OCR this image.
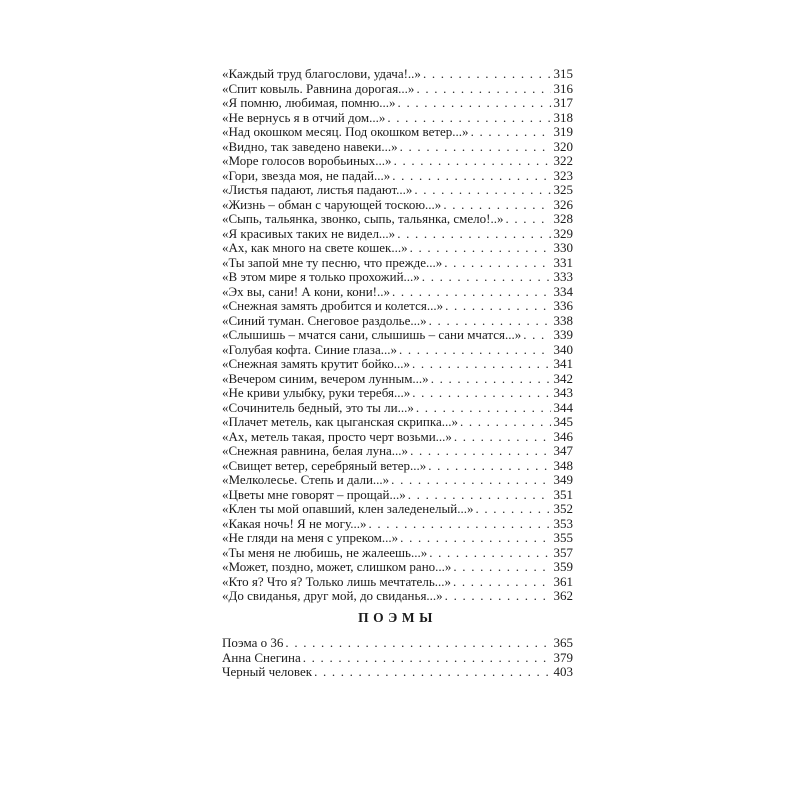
«Каждый труд благослови, удача!..» . . .	315
«Спит ковыль. Равнина дорогая...» . . .	316
«Я помню, любимая, помню...» . . .	317
«Не вернусь я в отчий дом...» . . .	318
«Над окошком месяц. Под окошком ветер...» . . .	319
«Видно, так заведено навеки...» . . .	320
«Море голосов воробьиных...» . . .	322
«Гори, звезда моя, не падай...» . . .	323
«Листья падают, листья падают...» . . .	325
«Жизнь – обман с чарующей тоскою...» . . .	326
«Сыпь, тальянка, звонко, сыпь, тальянка, смело!..» . . .	328
«Я красивых таких не видел...» . . .	329
«Ах, как много на свете кошек...» . . .	330
«Ты запой мне ту песню, что прежде...» . . .	331
«В этом мире я только прохожий...» . . .	333
«Эх вы, сани! А кони, кони!..» . . .	334
«Снежная замять дробится и колется...» . . .	336
«Синий туман. Снеговое раздолье...» . . .	338
«Слышишь – мчатся сани, слышишь – сани мчатся...» . . . 339
«Голубая кофта. Синие глаза...» . . .	340
«Снежная замять крутит бойко...» . . .	341
«Вечером синим, вечером лунным...» . . .	342
«Не криви улыбку, руки теребя...» . . .	343
«Сочинитель бедный, это ты ли...» . . .	344
«Плачет метель, как цыганская скрипка...» . . .	345
«Ах, метель такая, просто черт возьми...» . . .	346
«Снежная равнина, белая луна...» . . .	347
«Свищет ветер, серебряный ветер...» . . .	348
«Мелколесье. Степь и дали...» . . .	349
«Цветы мне говорят – прощай...» . . .	351
«Клен ты мой опавший, клен заледенелый...» . . .	352
«Какая ночь! Я не могу...» . . .	353
«Не гляди на меня с упреком...» . . .	355
«Ты меня не любишь, не жалеешь...» . . .	357
«Может, поздно, может, слишком рано...» . . .	359
«Кто я? Что я? Только лишь мечтатель...» . . .	361
«До свиданья, друг мой, до свиданья...» . . .	362
ПОЭМЫ
Поэма о 36 . . .	365
Анна Снегина . . .	379
Черный человек . . .	403
